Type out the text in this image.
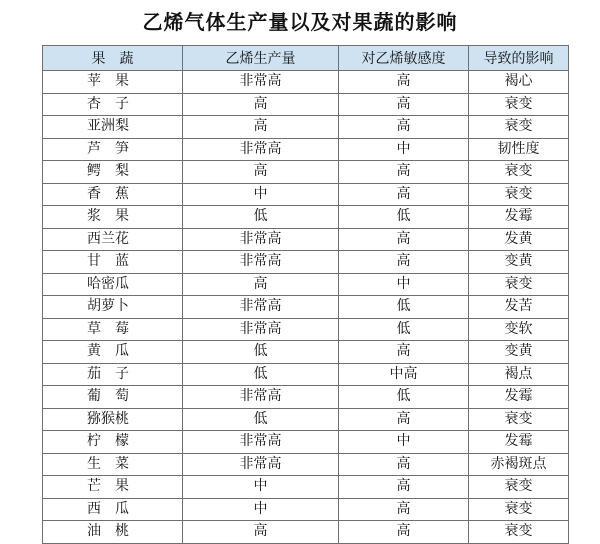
乙烯气体生产量以及对果蔬的影响
果　蔬	乙烯生产量	对乙烯敏感度	导致的影响
苹　果	非常高	高	褐心
杏　子	高	高	衰变
亚洲梨	高	高	衰变
芦　笋	非常高	中	韧性度
鳄　梨	高	高	衰变
香　蕉	中	高	衰变
浆　果	低	低	发霉
西兰花	非常高	高	发黄
甘　蓝	非常高	高	变黄
哈密瓜	高	中	衰变
胡萝卜	非常高	低	发苦
草　莓	非常高	低	变软
黄　瓜	低	高	变黄
茄　子	低	中高	褐点
葡　萄	非常高	低	发霉
猕猴桃	低	高	衰变
柠　檬	非常高	中	发霉
生　菜	非常高	高	赤褐斑点
芒　果	中	高	衰变
西　瓜	中	高	衰变
油　桃	高	高	衰变
